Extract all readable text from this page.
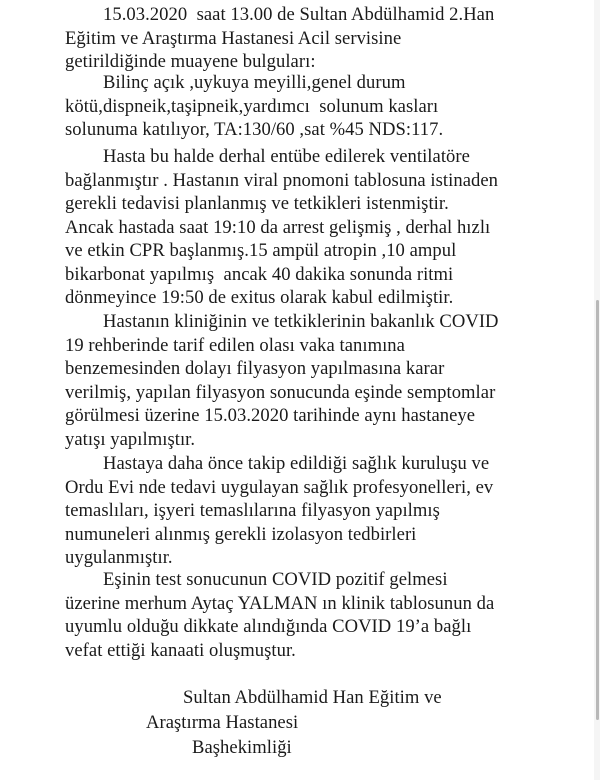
15.03.2020  saat 13.00 de Sultan Abdülhamid 2.Han
Eğitim ve Araştırma Hastanesi Acil servisine
getirildiğinde muayene bulguları:
Bilinç açık ,uykuya meyilli,genel durum
kötü,dispneik,taşipneik,yardımcı  solunum kasları
solunuma katılıyor, TA:130/60 ,sat %45 NDS:117.
Hasta bu halde derhal entübe edilerek ventilatöre
bağlanmıştır . Hastanın viral pnomoni tablosuna istinaden
gerekli tedavisi planlanmış ve tetkikleri istenmiştir.
Ancak hastada saat 19:10 da arrest gelişmiş , derhal hızlı
ve etkin CPR başlanmış.15 ampül atropin ,10 ampul
bikarbonat yapılmış  ancak 40 dakika sonunda ritmi
dönmeyince 19:50 de exitus olarak kabul edilmiştir.
Hastanın kliniğinin ve tetkiklerinin bakanlık COVID
19 rehberinde tarif edilen olası vaka tanımına
benzemesinden dolayı filyasyon yapılmasına karar
verilmiş, yapılan filyasyon sonucunda eşinde semptomlar
görülmesi üzerine 15.03.2020 tarihinde aynı hastaneye
yatışı yapılmıştır.
Hastaya daha önce takip edildiği sağlık kuruluşu ve
Ordu Evi nde tedavi uygulayan sağlık profesyonelleri, ev
temaslıları, işyeri temaslılarına filyasyon yapılmış
numuneleri alınmış gerekli izolasyon tedbirleri
uygulanmıştır.
Eşinin test sonucunun COVID pozitif gelmesi
üzerine merhum Aytaç YALMAN ın klinik tablosunun da
uyumlu olduğu dikkate alındığında COVID 19’a bağlı
vefat ettiği kanaati oluşmuştur.
Sultan Abdülhamid Han Eğitim ve
Araştırma Hastanesi
Başhekimliği
